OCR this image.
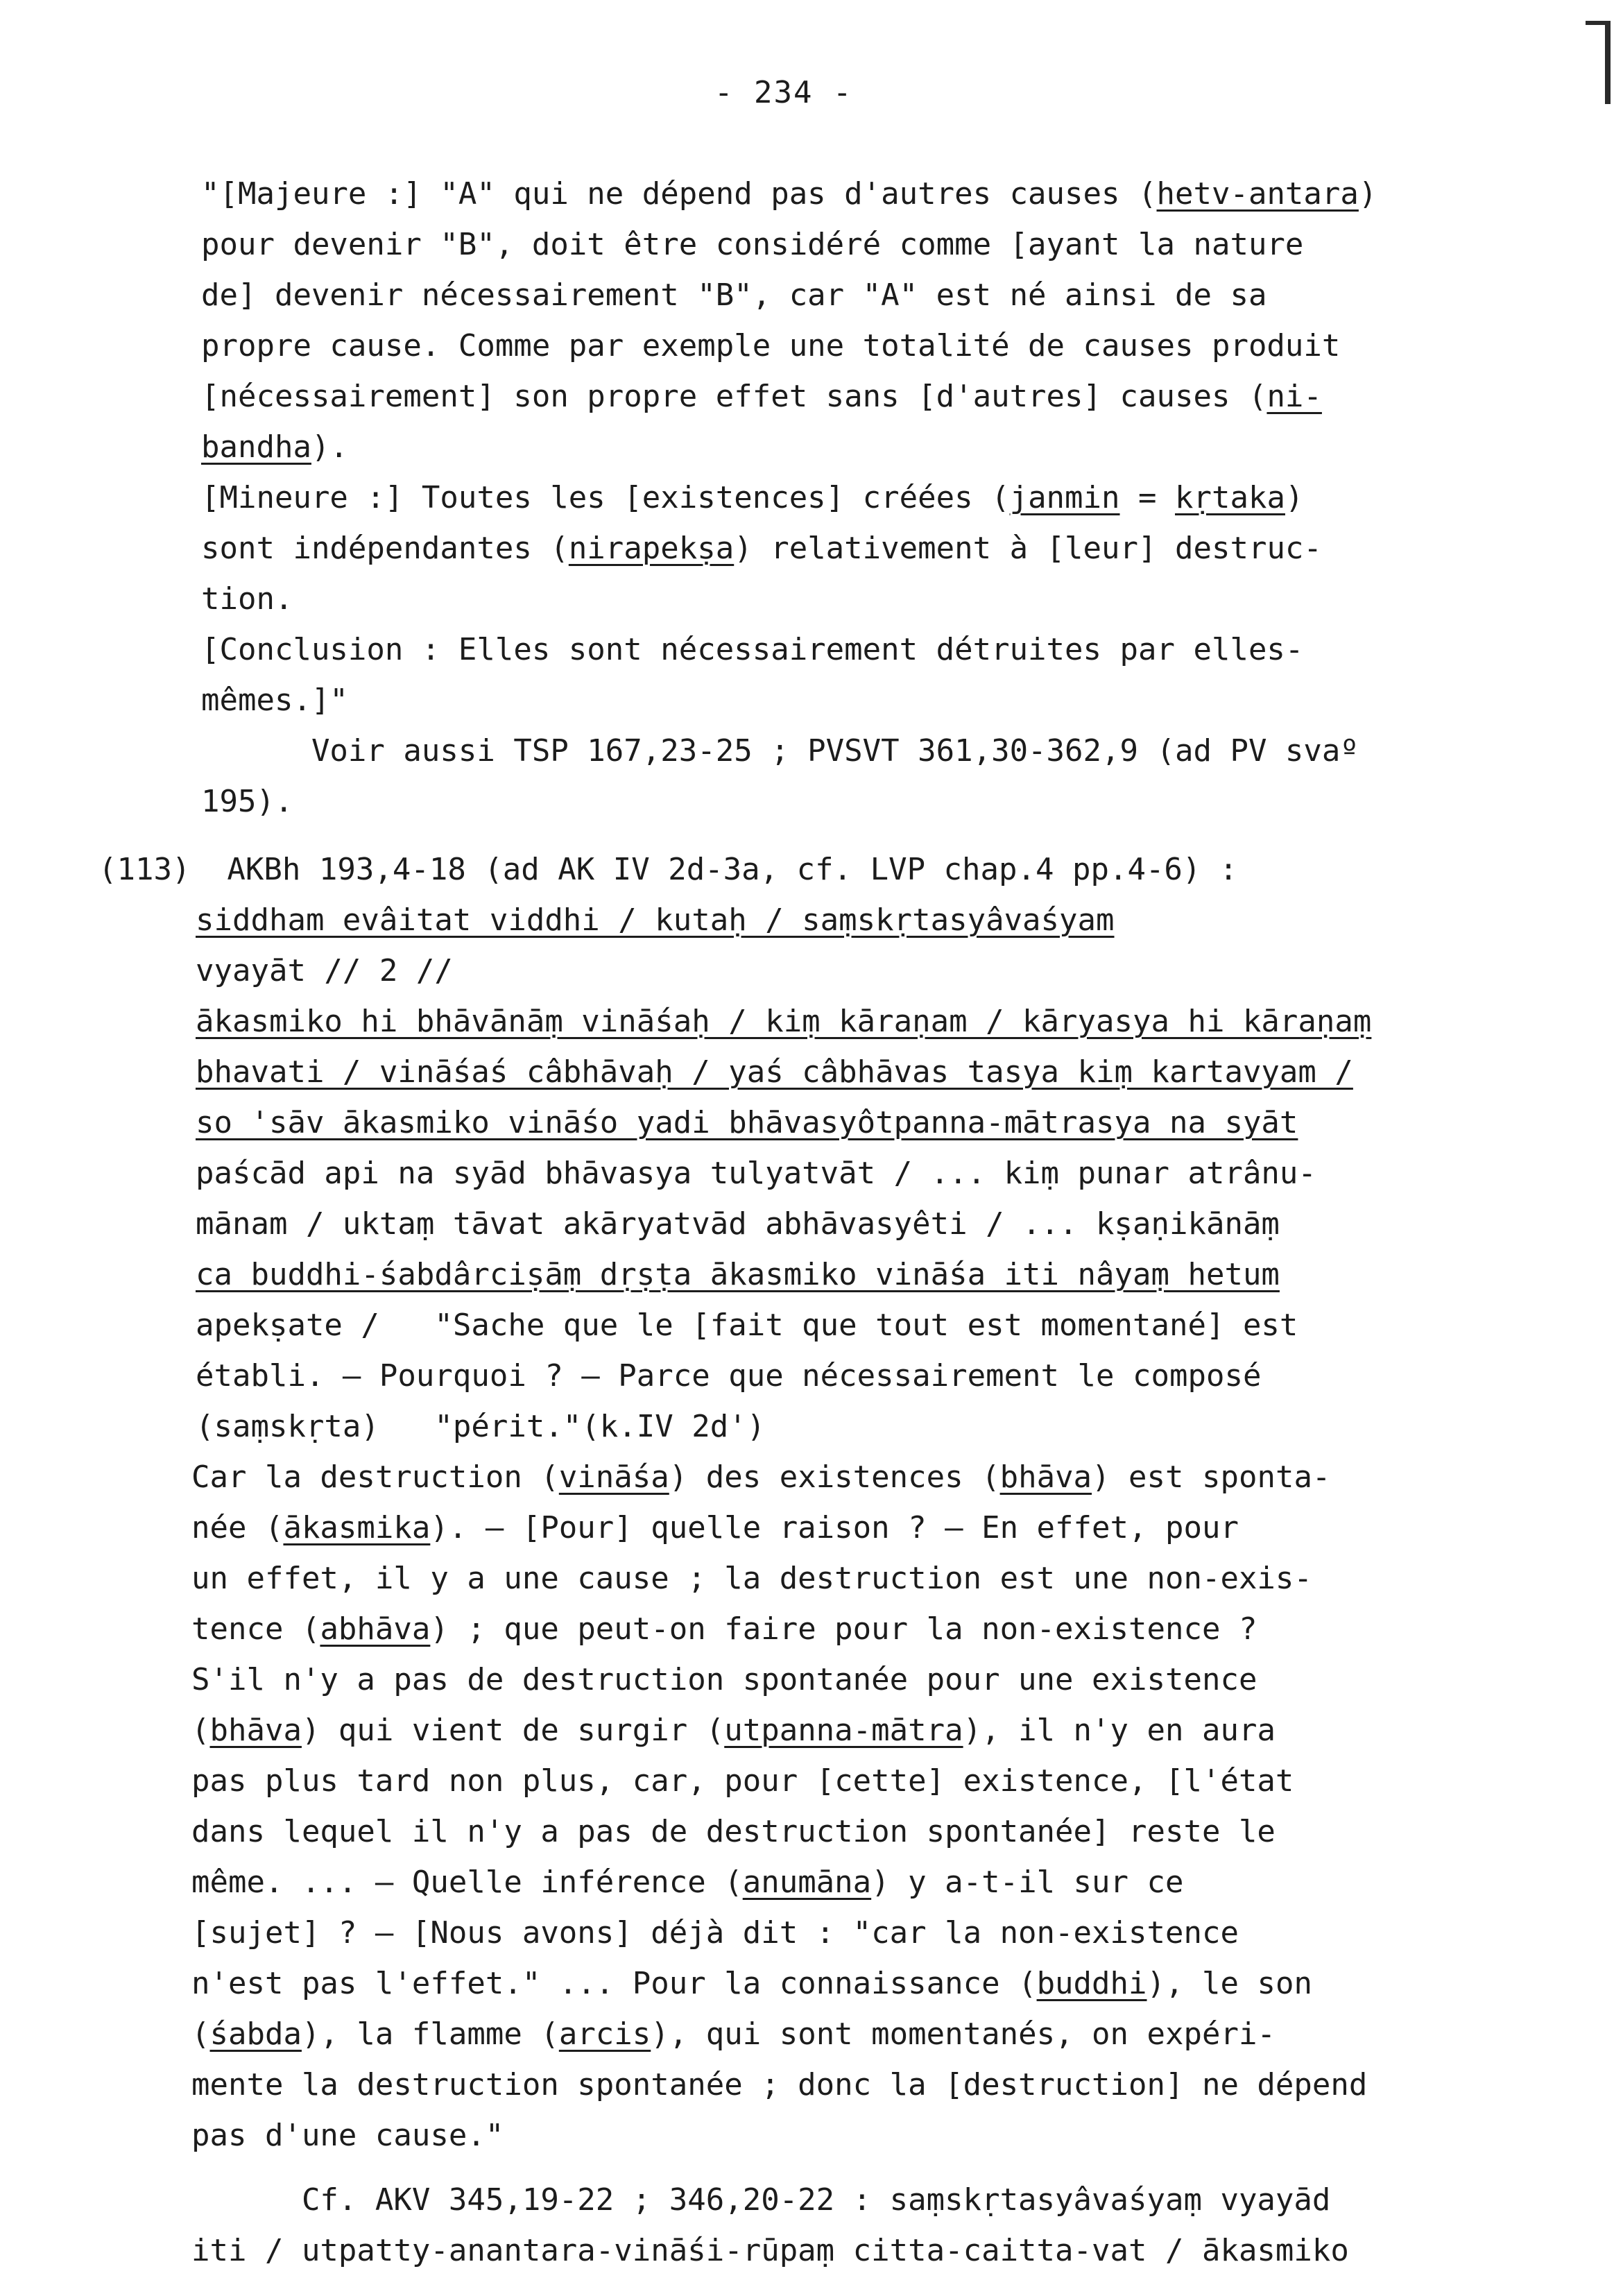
- 234 -
"[Majeure :] "A" qui ne dépend pas d'autres causes (hetv-antara)
pour devenir "B", doit être considéré comme [ayant la nature
de] devenir nécessairement "B", car "A" est né ainsi de sa
propre cause. Comme par exemple une totalité de causes produit
[nécessairement] son propre effet sans [d'autres] causes (ni-
bandha).
[Mineure :] Toutes les [existences] créées (janmin = kṛtaka)
sont indépendantes (nirapekṣa) relativement à [leur] destruc-
tion.
[Conclusion : Elles sont nécessairement détruites par elles-
mêmes.]"
Voir aussi TSP 167,23-25 ; PVSVT 361,30-362,9 (ad PV svaº
195).
(113)  AKBh 193,4-18 (ad AK IV 2d-3a, cf. LVP chap.4 pp.4-6) :
siddham evâitat viddhi / kutaḥ / saṃskṛtasyâvaśyam
vyayāt // 2 //
ākasmiko hi bhāvānāṃ vināśaḥ / kiṃ kāraṇam / kāryasya hi kāraṇaṃ
bhavati / vināśaś câbhāvaḥ / yaś câbhāvas tasya kiṃ kartavyam /
so 'sāv ākasmiko vināśo yadi bhāvasyôtpanna-mātrasya na syāt
paścād api na syād bhāvasya tulyatvāt / ... kiṃ punar atrânu-
mānam / uktaṃ tāvat akāryatvād abhāvasyêti / ... kṣaṇikānāṃ
ca buddhi-śabdârciṣāṃ dṛṣṭa ākasmiko vināśa iti nâyaṃ hetum
apekṣate /   "Sache que le [fait que tout est momentané] est
établi. — Pourquoi ? — Parce que nécessairement le composé
(saṃskṛta)   "périt."(k.IV 2d')
Car la destruction (vināśa) des existences (bhāva) est sponta-
née (ākasmika). — [Pour] quelle raison ? — En effet, pour
un effet, il y a une cause ; la destruction est une non-exis-
tence (abhāva) ; que peut-on faire pour la non-existence ?
S'il n'y a pas de destruction spontanée pour une existence
(bhāva) qui vient de surgir (utpanna-mātra), il n'y en aura
pas plus tard non plus, car, pour [cette] existence, [l'état
dans lequel il n'y a pas de destruction spontanée] reste le
même. ... — Quelle inférence (anumāna) y a-t-il sur ce
[sujet] ? — [Nous avons] déjà dit : "car la non-existence
n'est pas l'effet." ... Pour la connaissance (buddhi), le son
(śabda), la flamme (arcis), qui sont momentanés, on expéri-
mente la destruction spontanée ; donc la [destruction] ne dépend
pas d'une cause."
Cf. AKV 345,19-22 ; 346,20-22 : saṃskṛtasyâvaśyaṃ vyayād
iti / utpatty-anantara-vināśi-rūpaṃ citta-caitta-vat / ākasmiko
